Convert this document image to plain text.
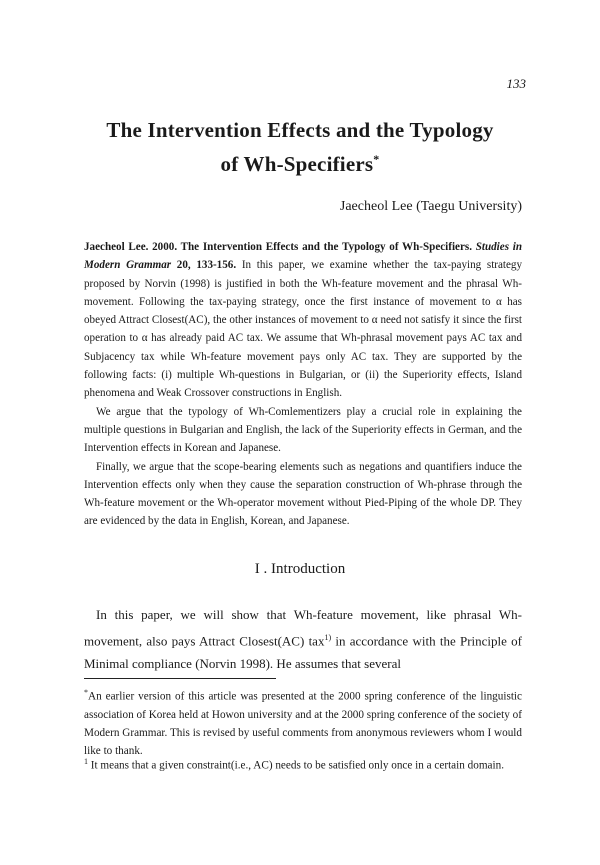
133
The Intervention Effects and the Typology
of Wh-Specifiers*
Jaecheol Lee (Taegu University)

Jaecheol Lee. 2000. The Intervention Effects and the Typology of Wh-Specifiers. Studies in Modern Grammar 20, 133-156. In this paper, we examine whether the tax-paying strategy proposed by Norvin (1998) is justified in both the Wh-feature movement and the phrasal Wh-movement. Following the tax-paying strategy, once the first instance of movement to α has obeyed Attract Closest(AC), the other instances of movement to α need not satisfy it since the first operation to α has already paid AC tax. We assume that Wh-phrasal movement pays AC tax and Subjacency tax while Wh-feature movement pays only AC tax. They are supported by the following facts: (i) multiple Wh-questions in Bulgarian, or (ii) the Superiority effects, Island phenomena and Weak Crossover constructions in English.

We argue that the typology of Wh-Comlementizers play a crucial role in explaining the multiple questions in Bulgarian and English, the lack of the Superiority effects in German, and the Intervention effects in Korean and Japanese.

Finally, we argue that the scope-bearing elements such as negations and quantifiers induce the Intervention effects only when they cause the separation construction of Wh-phrase through the Wh-feature movement or the Wh-operator movement without Pied-Piping of the whole DP. They are evidenced by the data in English, Korean, and Japanese.

I . Introduction

In this paper, we will show that Wh-feature movement, like phrasal Wh-movement, also pays Attract Closest(AC) tax$^{1)}$ in accordance with the Principle of Minimal compliance (Norvin 1998). He assumes that several

*An earlier version of this article was presented at the 2000 spring conference of the linguistic association of Korea held at Howon university and at the 2000 spring conference of the society of Modern Grammar. This is revised by useful comments from anonymous reviewers whom I would like to thank.

$^1$ It means that a given constraint(i.e., AC) needs to be satisfied only once in a certain domain.
